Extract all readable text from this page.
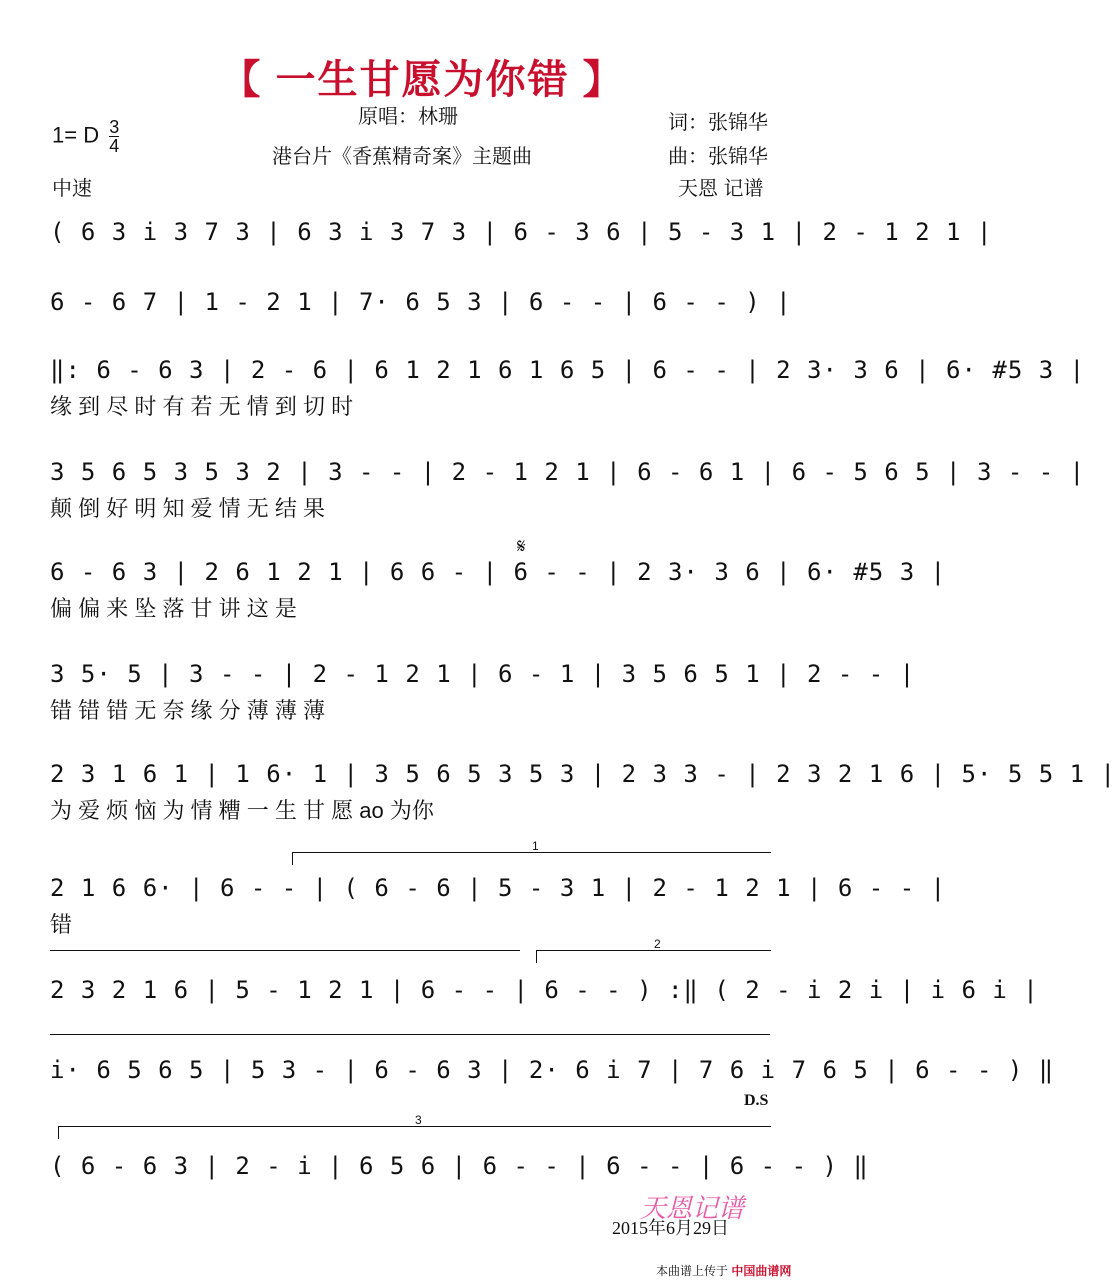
【 一生甘愿为你错 】
原唱：林珊
港台片《香蕉精奇案》主题曲
词：张锦华
曲：张锦华
天恩 记谱
1= D $\frac{3}{4}$
中速
( 6 3 i 3 7 3 | 6 3 i 3 7 3 | 6 - 3 6 | 5 - 3 1 | 2 - 1 2 1 |
6 - 6 7 | 1 - 2 1 | 7· 6 5 3 | 6 - - | 6 - - ) |
‖: 6 - 6 3 | 2 - 6 | 6 1 2 1 6 1 6 5 | 6 - - | 2 3· 3 6 | 6· #5 3 |
缘 到 尽 时 有 若 无 情 到 切 时
3 5 6 5 3 5 3 2 | 3 - - | 2 - 1 2 1 | 6 - 6 1 | 6 - 5 6 5 | 3 - - |
颠 倒 好 明 知 爱 情 无 结 果
𝄋
6 - 6 3 | 2 6 1 2 1 | 6 6 - | 6 - - | 2 3· 3 6 | 6· #5 3 |
偏 偏 来 坠 落 甘 讲 这 是
3 5· 5 | 3 - - | 2 - 1 2 1 | 6 - 1 | 3 5 6 5 1 | 2 - - |
错 错 错 无 奈 缘 分 薄 薄 薄
2 3 1 6 1 | 1 6· 1 | 3 5 6 5 3 5 3 | 2 3 3 - | 2 3 2 1 6 | 5· 5 5 1 |
为 爱 烦 恼 为 情 糟 一 生 甘 愿 ao 为你
1
2 1 6 6· | 6 - - | ( 6 - 6 | 5 - 3 1 | 2 - 1 2 1 | 6 - - |
错
2
2 3 2 1 6 | 5 - 1 2 1 | 6 - - | 6 - - ) :‖ ( 2 - i 2 i | i 6 i |
i· 6 5 6 5 | 5 3 - | 6 - 6 3 | 2· 6 i 7 | 7 6 i 7 6 5 | 6 - - ) ‖
D.S
3
( 6 - 6 3 | 2 - i | 6 5 6 | 6 - - | 6 - - | 6 - - ) ‖
天恩记谱
2015年6月29日
本曲谱上传于 中国曲谱网
